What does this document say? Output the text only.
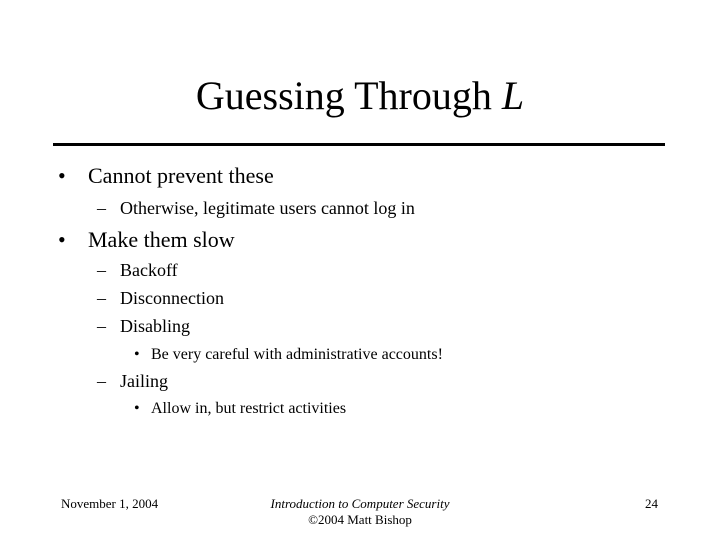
Guessing Through L
• Cannot prevent these
– Otherwise, legitimate users cannot log in
• Make them slow
– Backoff
– Disconnection
– Disabling
• Be very careful with administrative accounts!
– Jailing
• Allow in, but restrict activities
November 1, 2004	Introduction to Computer Security
©2004 Matt Bishop
24
